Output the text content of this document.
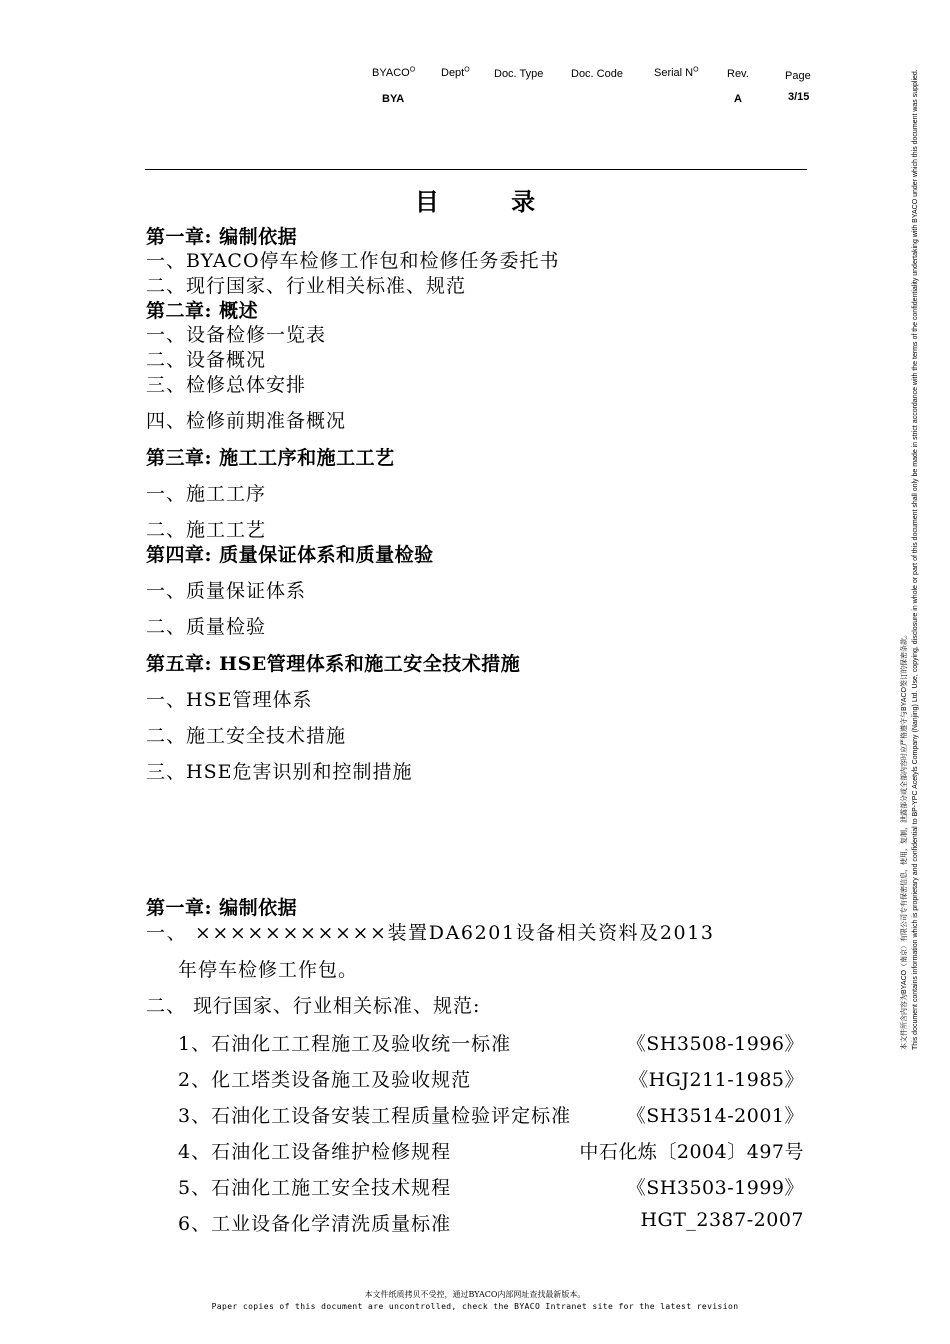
$BYACO^O$ Dept$^O$ Doc. Type	Doc. Code	Serial $N^O$	Rev.	Page
BYA	A	3/15
目 录
第一章: 编制依据
一、BYACO停车检修工作包和检修任务委托书
二、现行国家、行业相关标准、规范
第二章: 概述
一、设备检修一览表
二、设备概况
三、检修总体安排
四、检修前期准备概况
第三章: 施工工序和施工工艺
一、施工工序
二、施工工艺
第四章: 质量保证体系和质量检验
一、质量保证体系
二、质量检验
第五章: HSE管理体系和施工安全技术措施
一、HSE管理体系
二、施工安全技术措施
三、HSE危害识别和控制措施
第一章: 编制依据
一、 ×××××××××××装置DA6201设备相关资料及2013
年停车检修工作包。
二、 现行国家、行业相关标准、规范:
1、石油化工工程施工及验收统一标准	《SH3508-1996》
2、化工塔类设备施工及验收规范	《HGJ211-1985》
3、石油化工设备安装工程质量检验评定标准	《SH3514-2001》
4、石油化工设备维护检修规程	中石化炼〔2004〕497号
5、石油化工施工安全技术规程	《SH3503-1999》
6、工业设备化学清洗质量标准	HGT_2387-2007
本文件所含内容为BYACO（南京）有限公司专有保密信息，使用，复制，泄露部分或全部内容时应严格遵守与BYACO签订的保密条款。 This document contains information which is proprietary and confidential to BP-YPC Acetyls Company (Nanjing) Ltd. Use, copying, disclosure in whole or part of this document shall only be made in strict accordance with the terms of the confidentiality undertaking with BYACO under which this document was supplied.
本文件纸质拷贝不受控，通过BYACO内部网址查找最新版本。
Paper copies of this document are uncontrolled, check the BYACO Intranet site for the latest revision
